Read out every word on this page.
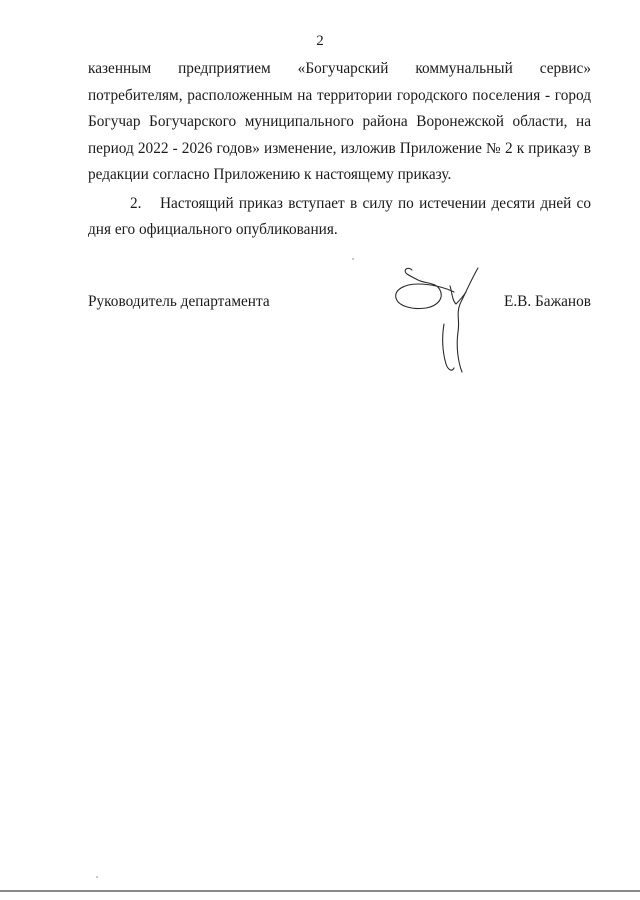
2

казенным предприятием «Богучарский коммунальный сервис» потребителям, расположенным на территории городского поселения - город Богучар Богучарского муниципального района Воронежской области, на период 2022 - 2026 годов» изменение, изложив Приложение № 2 к приказу в редакции согласно Приложению к настоящему приказу.

2. Настоящий приказ вступает в силу по истечении десяти дней со дня его официального опубликования.

Руководитель департамента	Е.В. Бажанов
